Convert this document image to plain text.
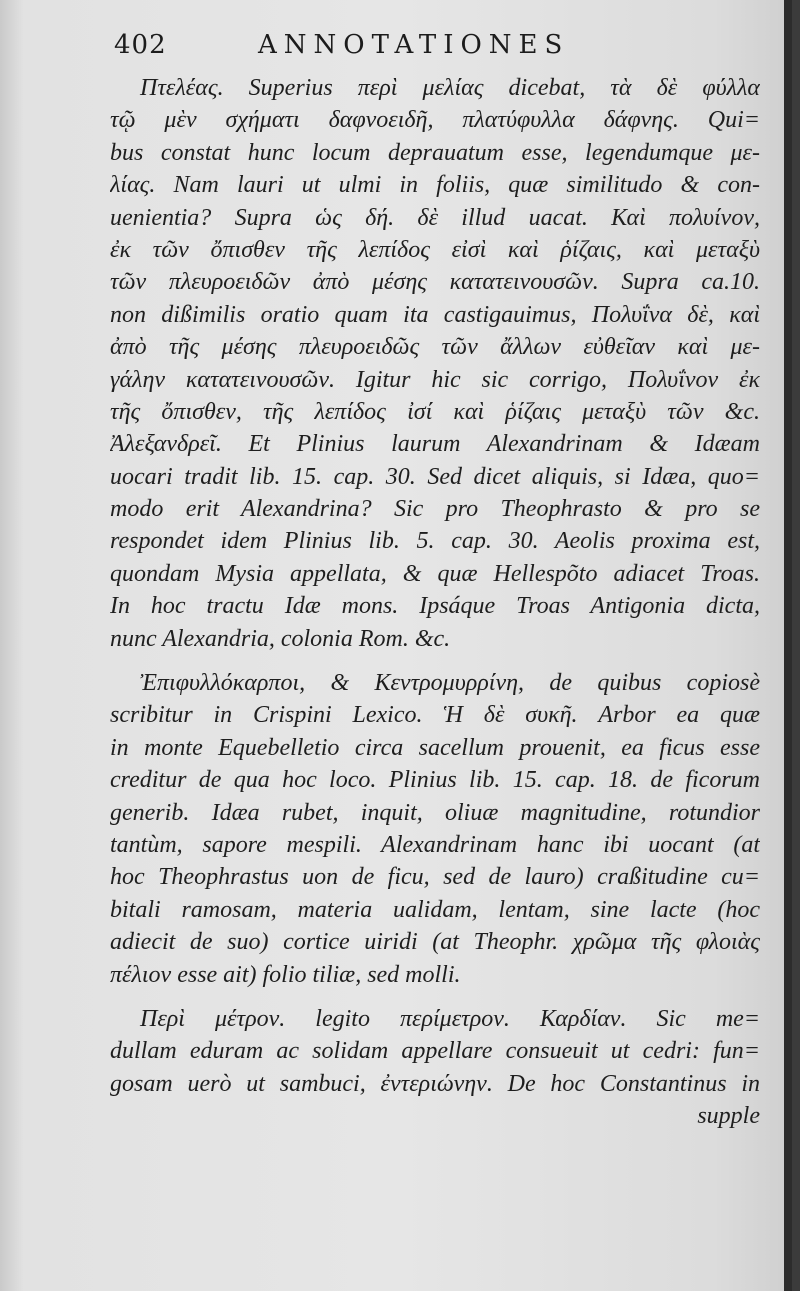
402	ANNOTATIONES
Πτελέας. Superius περὶ μελίας dicebat, τὰ δὲ φύλλα
τῷ μὲν σχήματι δαφνοειδῆ, πλατύφυλλα δάφνης. Qui=
bus constat hunc locum deprauatum esse, legendumque με-
λίας. Nam lauri ut ulmi in foliis, quæ similitudo & con-
uenientia? Supra ὡς δή. δὲ illud uacat. Καὶ πολυίνον,
ἐκ τῶν ὄπισθεν τῆς λεπίδος εἰσὶ καὶ ῥίζαις, καὶ μεταξὺ
τῶν πλευροειδῶν ἀπὸ μέσης κατατεινουσῶν. Supra ca.10.
non dißimilis oratio quam ita castigauimus, Πολυΐνα δὲ, καὶ
ἀπὸ τῆς μέσης πλευροειδῶς τῶν ἄλλων εὐθεῖαν καὶ με-
γάλην κατατεινουσῶν. Igitur hic sic corrigo, Πολυΐνον ἐκ
τῆς ὄπισθεν, τῆς λεπίδος ἰσί καὶ ῥίζαις μεταξὺ τῶν &c.
Ἀλεξανδρεῖ. Et Plinius laurum Alexandrinam & Idæam
uocari tradit lib. 15. cap. 30. Sed dicet aliquis, si Idæa, quo=
modo erit Alexandrina? Sic pro Theophrasto & pro se
respondet idem Plinius lib. 5. cap. 30. Aeolis proxima est,
quondam Mysia appellata, & quæ Hellespõto adiacet Troas.
In hoc tractu Idæ mons. Ipsáque Troas Antigonia dicta,
nunc Alexandria, colonia Rom. &c.
Ἐπιφυλλόκαρποι, & Κεντρομυρρίνη, de quibus copiosè
scribitur in Crispini Lexico. Ἡ δὲ συκῆ. Arbor ea quæ
in monte Equebelletio circa sacellum prouenit, ea ficus esse
creditur de qua hoc loco. Plinius lib. 15. cap. 18. de ficorum
generib. Idæa rubet, inquit, oliuæ magnitudine, rotundior
tantùm, sapore mespili. Alexandrinam hanc ibi uocant (at
hoc Theophrastus uon de ficu, sed de lauro) craßitudine cu=
bitali ramosam, materia ualidam, lentam, sine lacte (hoc
adiecit de suo) cortice uiridi (at Theophr. χρῶμα τῆς φλοιὰς
πέλιον esse ait) folio tiliæ, sed molli.
Περὶ μέτρον. legito περίμετρον. Καρδίαν. Sic me=
dullam eduram ac solidam appellare consueuit ut cedri: fun=
gosam uerò ut sambuci, ἐντεριώνην. De hoc Constantinus in
supple
